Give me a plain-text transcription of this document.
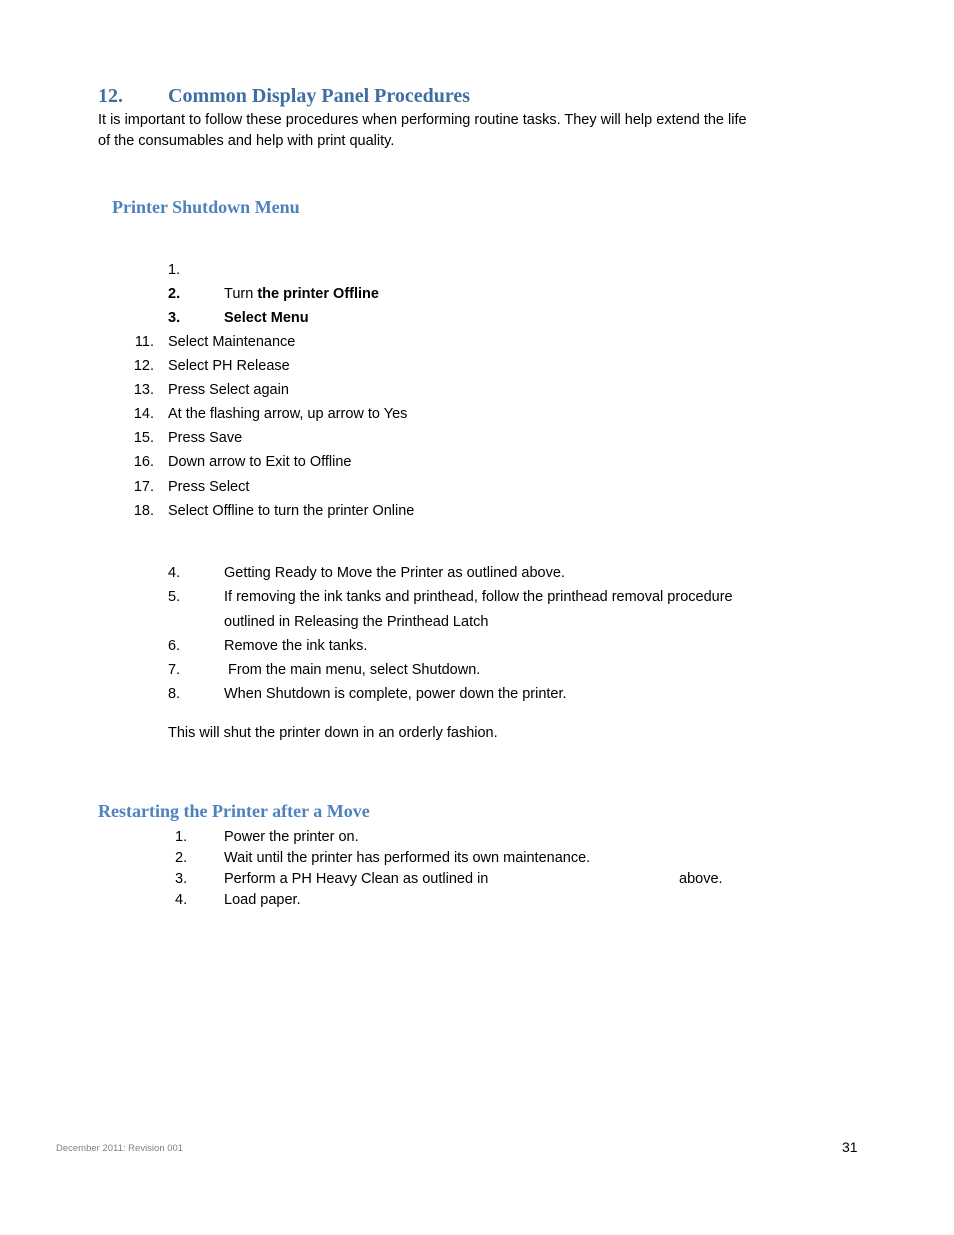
12. Common Display Panel Procedures
It is important to follow these procedures when performing routine tasks. They will help extend the life
of the consumables and help with print quality.
Printer Shutdown Menu
1.
2.	Turn the printer Offline
3.	Select Menu
11. Select Maintenance
12. Select PH Release
13. Press Select again
14. At the flashing arrow, up arrow to Yes
15. Press Save
16. Down arrow to Exit to Offline
17. Press Select
18. Select Offline to turn the printer Online
4.	Getting Ready to Move the Printer as outlined above.
5.	If removing the ink tanks and printhead, follow the printhead removal procedure
outlined in Releasing the Printhead Latch
6.	Remove the ink tanks.
7.	From the main menu, select Shutdown.
8.	When Shutdown is complete, power down the printer.
This will shut the printer down in an orderly fashion.
Restarting the Printer after a Move
1.	Power the printer on.
2.	Wait until the printer has performed its own maintenance.
3.	Perform a PH Heavy Clean as outlined in	above.
4.	Load paper.
December 2011: Revision 001	31
